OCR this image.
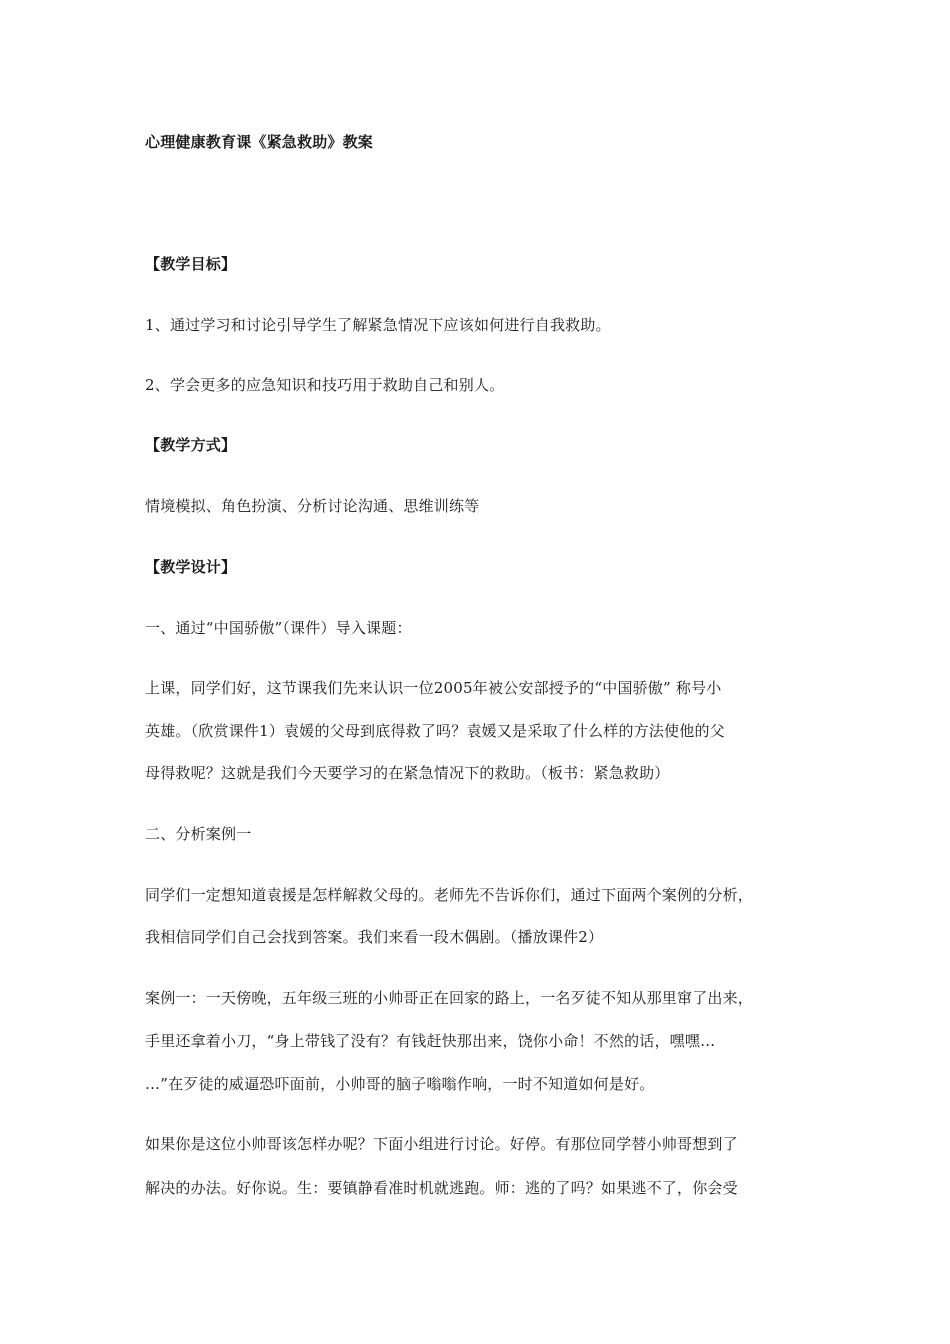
心理健康教育课《紧急救助》教案
【教学目标】
1、通过学习和讨论引导学生了解紧急情况下应该如何进行自我救助。
2、学会更多的应急知识和技巧用于救助自己和别人。
【教学方式】
情境模拟、角色扮演、分析讨论沟通、思维训练等
【教学设计】
一、通过“中国骄傲”（课件）导入课题：
上课，同学们好，这节课我们先来认识一位2005年被公安部授予的“中国骄傲” 称号小
英雄。（欣赏课件1）袁媛的父母到底得救了吗？袁媛又是采取了什么样的方法使他的父
母得救呢？这就是我们今天要学习的在紧急情况下的救助。（板书：紧急救助）
二、分析案例一
同学们一定想知道袁援是怎样解救父母的。老师先不告诉你们，通过下面两个案例的分析，
我相信同学们自己会找到答案。我们来看一段木偶剧。（播放课件2）
案例一：一天傍晚，五年级三班的小帅哥正在回家的路上，一名歹徒不知从那里窜了出来，
手里还拿着小刀，“身上带钱了没有？有钱赶快那出来，饶你小命！不然的话，嘿嘿…
…”在歹徒的威逼恐吓面前，小帅哥的脑子嗡嗡作响，一时不知道如何是好。
如果你是这位小帅哥该怎样办呢？下面小组进行讨论。好停。有那位同学替小帅哥想到了
解决的办法。好你说。生：要镇静看准时机就逃跑。师：逃的了吗？如果逃不了，你会受
